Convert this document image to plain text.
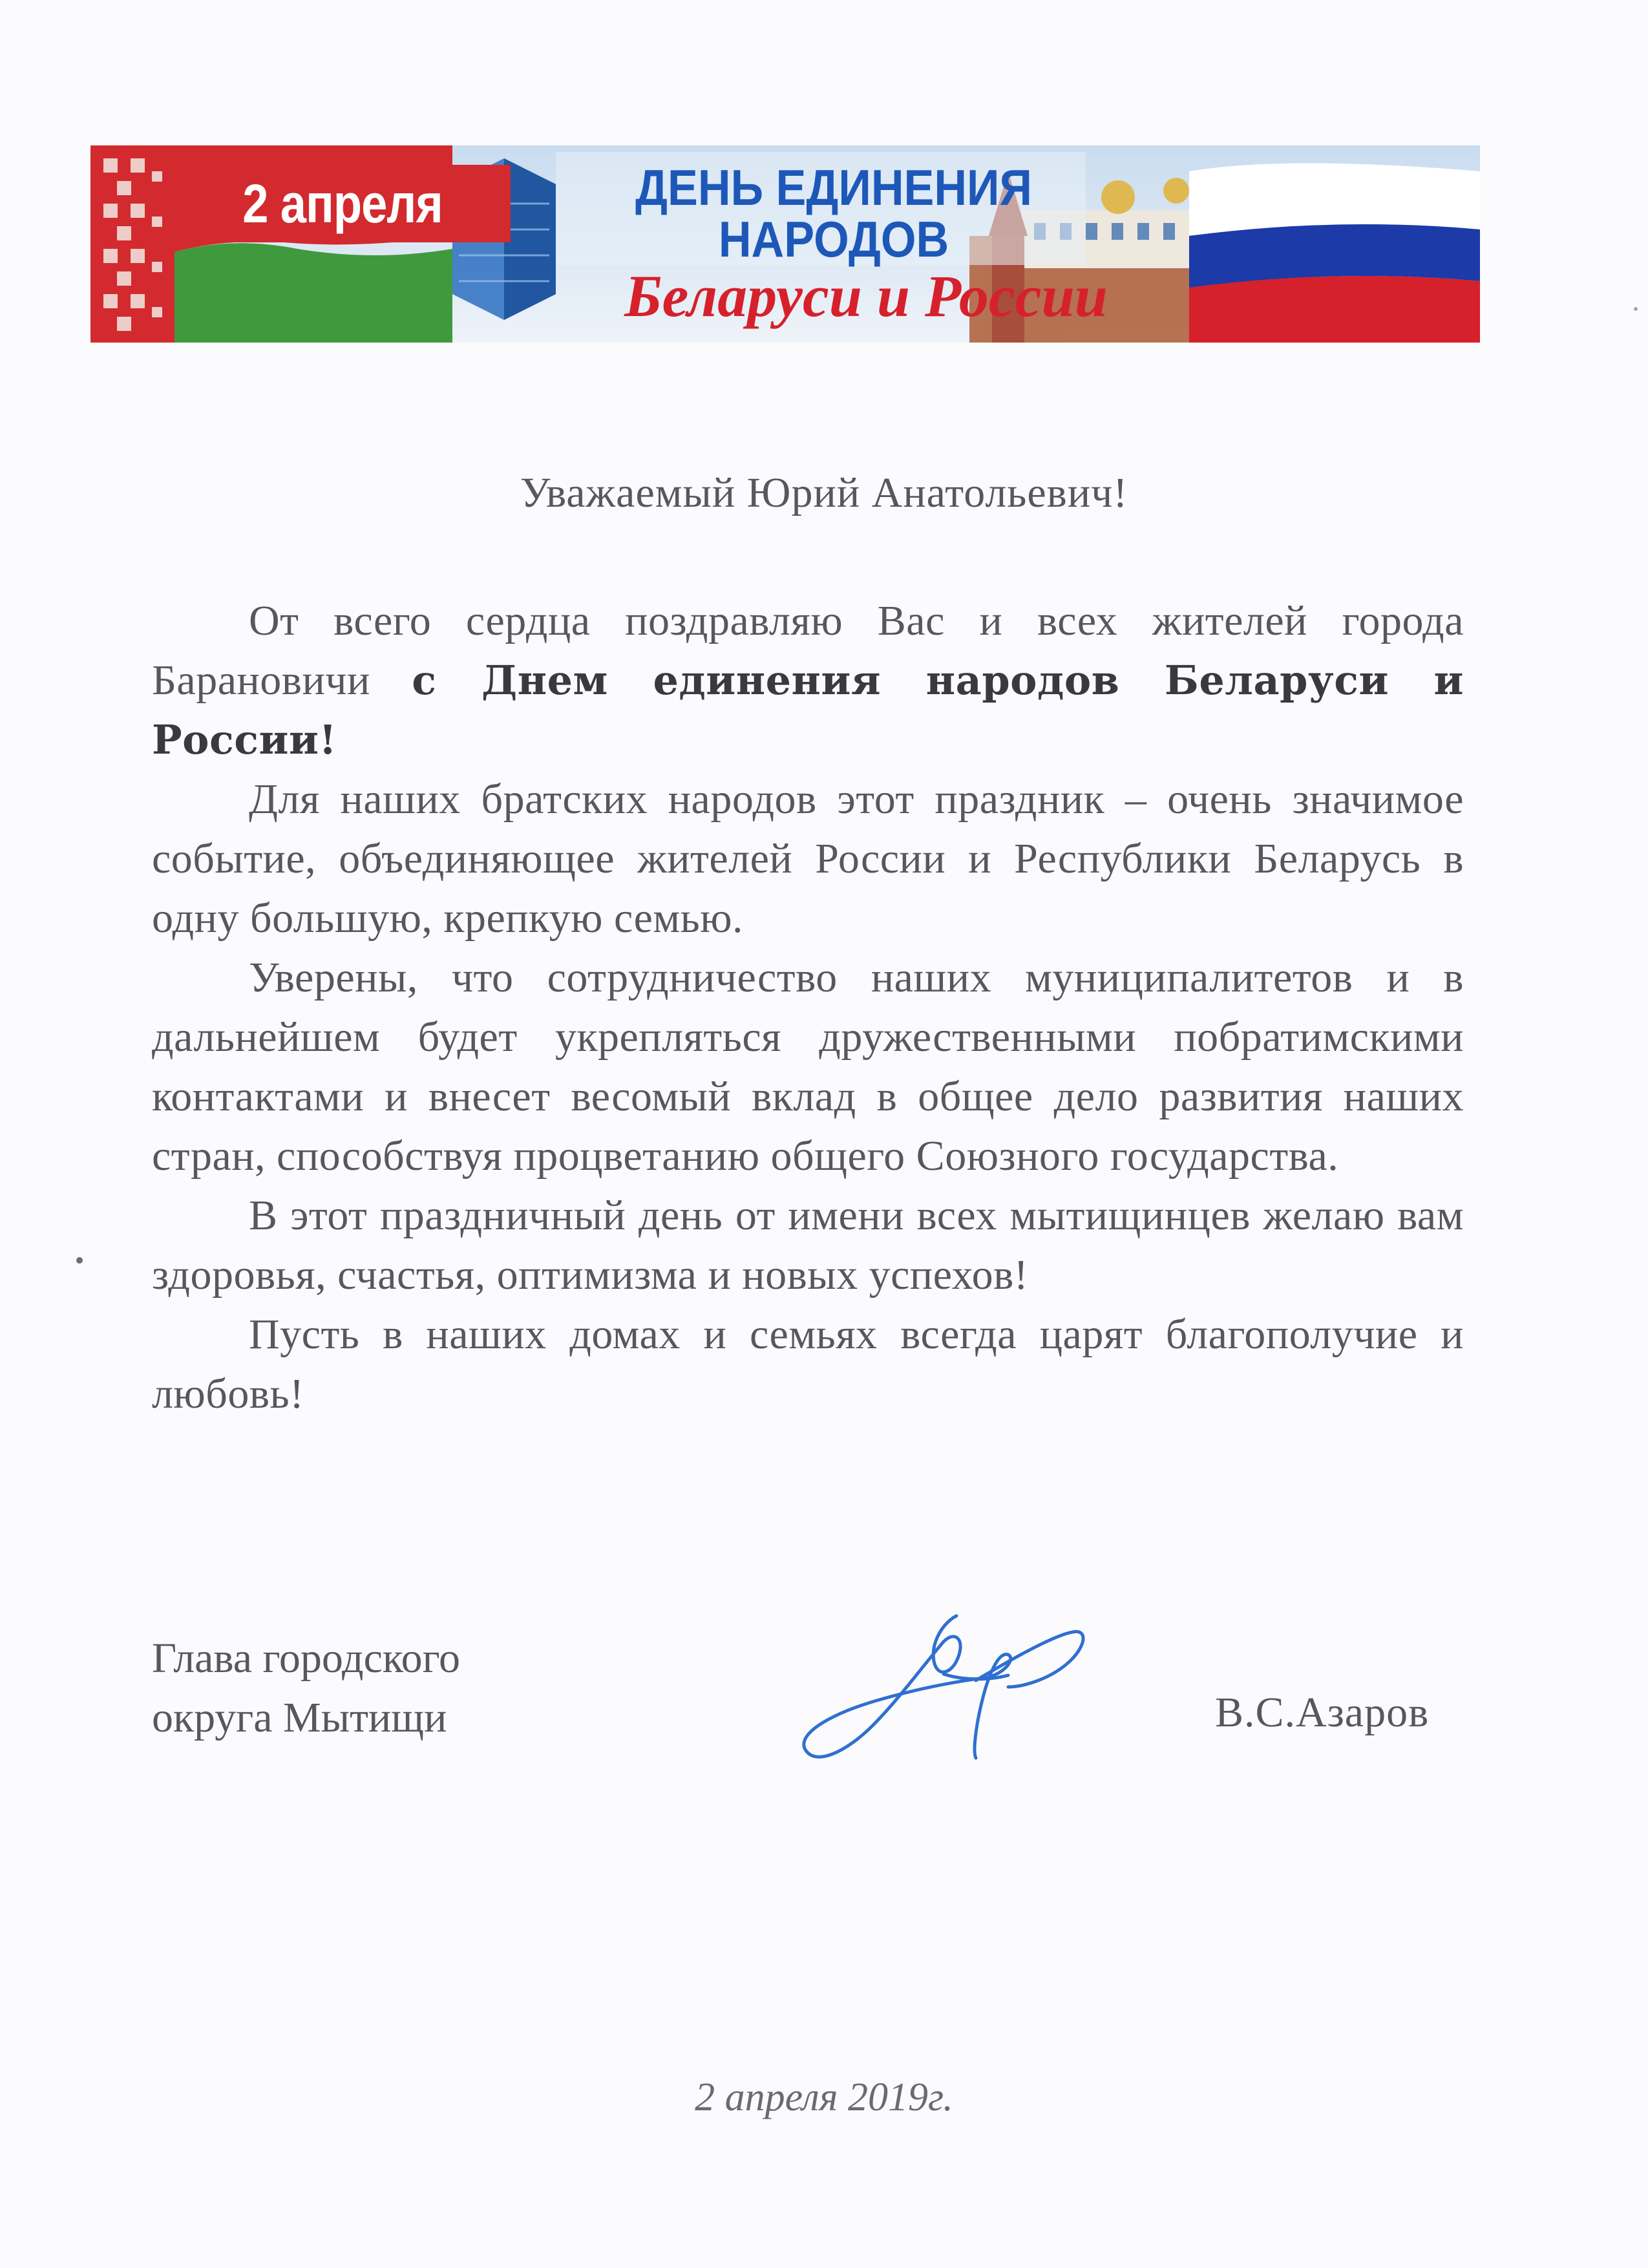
2 апреля	ДЕНЬ ЕДИНЕНИЯ
НАРОДОВ
Беларуси и России
Уважаемый Юрий Анатольевич!

От всего сердца поздравляю Вас и всех жителей города Барановичи с Днем единения народов Беларуси и России!

Для наших братских народов этот праздник – очень значимое событие, объединяющее жителей России и Республики Беларусь в одну большую, крепкую семью.

Уверены, что сотрудничество наших муниципалитетов и в дальнейшем будет укрепляться дружественными побратимскими контактами и внесет весомый вклад в общее дело развития наших стран, способствуя процветанию общего Союзного государства.

В этот праздничный день от имени всех мытищинцев желаю вам здоровья, счастья, оптимизма и новых успехов!

Пусть в наших домах и семьях всегда царят благополучие и любовь!

Глава городского
округа Мытищи	В.С.Азаров
2 апреля 2019г.
